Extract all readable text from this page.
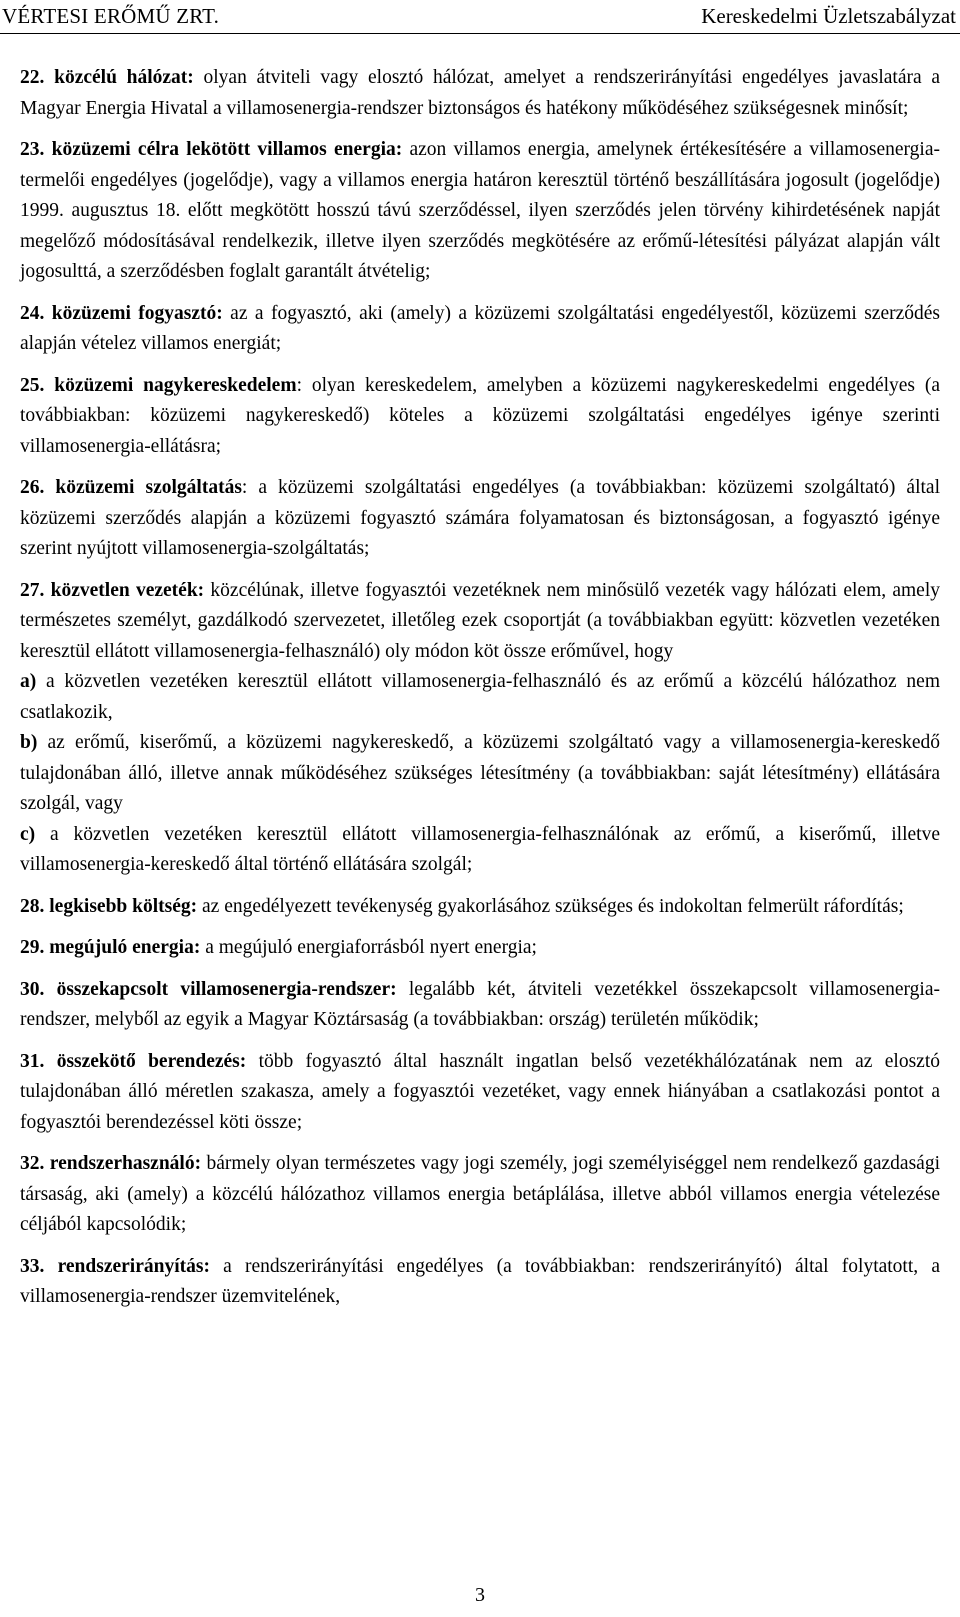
VÉRTESI ERŐMŰ ZRT.	Kereskedelmi Üzletszabályzat

22. közcélú hálózat: olyan átviteli vagy elosztó hálózat, amelyet a rendszerirányítási engedélyes javaslatára a Magyar Energia Hivatal a villamosenergia-rendszer biztonságos és hatékony működéséhez szükségesnek minősít;

23. közüzemi célra lekötött villamos energia: azon villamos energia, amelynek értékesítésére a villamosenergia-termelői engedélyes (jogelődje), vagy a villamos energia határon keresztül történő beszállítására jogosult (jogelődje) 1999. augusztus 18. előtt megkötött hosszú távú szerződéssel, ilyen szerződés jelen törvény kihirdetésének napját megelőző módosításával rendelkezik, illetve ilyen szerződés megkötésére az erőmű-létesítési pályázat alapján vált jogosulttá, a szerződésben foglalt garantált átvételig;

24. közüzemi fogyasztó: az a fogyasztó, aki (amely) a közüzemi szolgáltatási engedélyestől, közüzemi szerződés alapján vételez villamos energiát;

25. közüzemi nagykereskedelem: olyan kereskedelem, amelyben a közüzemi nagykereskedelmi engedélyes (a továbbiakban: közüzemi nagykereskedő) köteles a közüzemi szolgáltatási engedélyes igénye szerinti villamosenergia-ellátásra;

26. közüzemi szolgáltatás: a közüzemi szolgáltatási engedélyes (a továbbiakban: közüzemi szolgáltató) által közüzemi szerződés alapján a közüzemi fogyasztó számára folyamatosan és biztonságosan, a fogyasztó igénye szerint nyújtott villamosenergia-szolgáltatás;

27. közvetlen vezeték: közcélúnak, illetve fogyasztói vezetéknek nem minősülő vezeték vagy hálózati elem, amely természetes személyt, gazdálkodó szervezetet, illetőleg ezek csoportját (a továbbiakban együtt: közvetlen vezetéken keresztül ellátott villamosenergia-felhasználó) oly módon köt össze erőművel, hogy

a) a közvetlen vezetéken keresztül ellátott villamosenergia-felhasználó és az erőmű a közcélú hálózathoz nem csatlakozik,

b) az erőmű, kiserőmű, a közüzemi nagykereskedő, a közüzemi szolgáltató vagy a villamosenergia-kereskedő tulajdonában álló, illetve annak működéséhez szükséges létesítmény (a továbbiakban: saját létesítmény) ellátására szolgál, vagy

c) a közvetlen vezetéken keresztül ellátott villamosenergia-felhasználónak az erőmű, a kiserőmű, illetve villamosenergia-kereskedő által történő ellátására szolgál;

28. legkisebb költség: az engedélyezett tevékenység gyakorlásához szükséges és indokoltan felmerült ráfordítás;

29. megújuló energia: a megújuló energiaforrásból nyert energia;

30. összekapcsolt villamosenergia-rendszer: legalább két, átviteli vezetékkel összekapcsolt villamosenergia-rendszer, melyből az egyik a Magyar Köztársaság (a továbbiakban: ország) területén működik;

31. összekötő berendezés: több fogyasztó által használt ingatlan belső vezetékhálózatának nem az elosztó tulajdonában álló méretlen szakasza, amely a fogyasztói vezetéket, vagy ennek hiányában a csatlakozási pontot a fogyasztói berendezéssel köti össze;

32. rendszerhasználó: bármely olyan természetes vagy jogi személy, jogi személyiséggel nem rendelkező gazdasági társaság, aki (amely) a közcélú hálózathoz villamos energia betáplálása, illetve abból villamos energia vételezése céljából kapcsolódik;

33. rendszerirányítás: a rendszerirányítási engedélyes (a továbbiakban: rendszerirányító) által folytatott, a villamosenergia-rendszer üzemvitelének,

3
